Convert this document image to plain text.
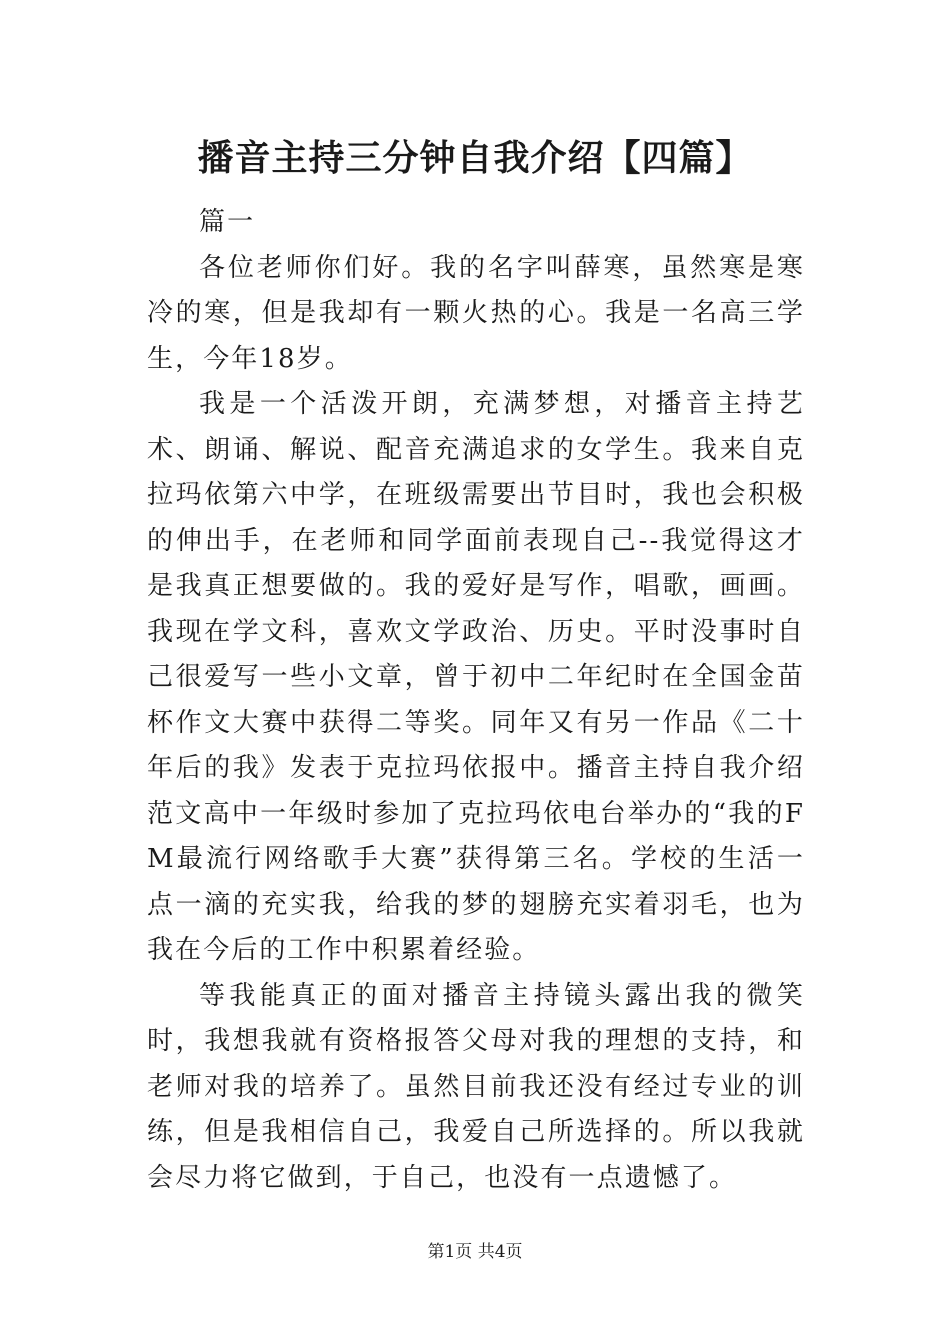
播音主持三分钟自我介绍【四篇】

篇一

各位老师你们好。我的名字叫薛寒，虽然寒是寒冷的寒，但是我却有一颗火热的心。我是一名高三学生，今年18岁。

我是一个活泼开朗，充满梦想，对播音主持艺术、朗诵、解说、配音充满追求的女学生。我来自克拉玛依第六中学，在班级需要出节目时，我也会积极的伸出手，在老师和同学面前表现自己--我觉得这才是我真正想要做的。我的爱好是写作，唱歌，画画。我现在学文科，喜欢文学政治、历史。平时没事时自己很爱写一些小文章，曾于初中二年纪时在全国金苗杯作文大赛中获得二等奖。同年又有另一作品《二十年后的我》发表于克拉玛依报中。播音主持自我介绍范文高中一年级时参加了克拉玛依电台举办的“我的FM最流行网络歌手大赛”获得第三名。学校的生活一点一滴的充实我，给我的梦的翅膀充实着羽毛，也为我在今后的工作中积累着经验。

等我能真正的面对播音主持镜头露出我的微笑时，我想我就有资格报答父母对我的理想的支持，和老师对我的培养了。虽然目前我还没有经过专业的训练，但是我相信自己，我爱自己所选择的。所以我就会尽力将它做到，于自己，也没有一点遗憾了。

第1页 共4页
